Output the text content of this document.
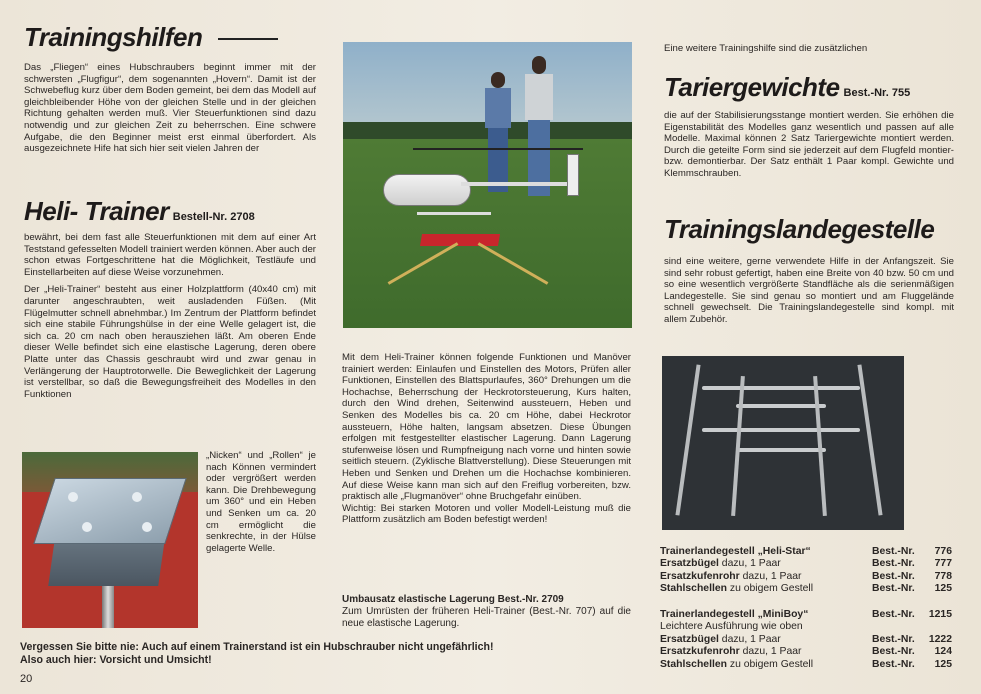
Trainingshilfen
Das „Fliegen“ eines Hubschraubers beginnt immer mit der schwersten „Flugfigur“, dem sogenannten „Hovern“. Damit ist der Schwebeflug kurz über dem Boden gemeint, bei dem das Modell auf gleichbleibender Höhe von der gleichen Stelle und in der gleichen Richtung gehalten werden muß. Vier Steuerfunktionen sind dazu notwendig und zur gleichen Zeit zu beherrschen. Eine schwere Aufgabe, die den Beginner meist erst einmal überfordert. Als ausgezeichnete Hife hat sich hier seit vielen Jahren der
Heli- Trainer Bestell-Nr. 2708

bewährt, bei dem fast alle Steuerfunktionen mit dem auf einer Art Teststand gefesselten Modell trainiert werden können. Aber auch der schon etwas Fortgeschrittene hat die Möglichkeit, Testläufe und Einstellarbeiten auf diese Weise vorzunehmen.

Der „Heli-Trainer“ besteht aus einer Holzplattform (40x40 cm) mit darunter angeschraubten, weit ausladenden Füßen. (Mit Flügelmutter schnell abnehmbar.) Im Zentrum der Plattform befindet sich eine stabile Führungshülse in der eine Welle gelagert ist, die sich ca. 20 cm nach oben herausziehen läßt. Am oberen Ende dieser Welle befindet sich eine elastische Lagerung, deren obere Platte unter das Chassis geschraubt wird und zwar genau in Verlängerung der Hauptrotorwelle. Die Beweglichkeit der Lagerung ist verstellbar, so daß die Bewegungsfreiheit des Modelles in den Funktionen

„Nicken“ und „Rollen“ je nach Können vermindert oder vergrößert werden kann. Die Drehbewegung um 360° und ein Heben und Senken um ca. 20 cm ermöglicht die senkrechte, in der Hülse gelagerte Welle.
Vergessen Sie bitte nie: Auch auf einem Trainerstand ist ein Hubschrauber nicht ungefährlich!
Also auch hier: Vorsicht und Umsicht!
20

Mit dem Heli-Trainer können folgende Funktionen und Manöver trainiert werden: Einlaufen und Einstellen des Motors, Prüfen aller Funktionen, Einstellen des Blattspurlaufes, 360° Drehungen um die Hochachse, Beherrschung der Heckrotorsteuerung, Kurs halten, durch den Wind drehen, Seitenwind aussteuern, Heben und Senken des Modelles bis ca. 20 cm Höhe, dabei Heckrotor aussteuern, Höhe halten, langsam absetzen. Diese Übungen erfolgen mit festgestellter elastischer Lagerung. Dann Lagerung stufenweise lösen und Rumpfneigung nach vorne und hinten sowie seitlich steuern. (Zyklische Blattverstellung). Diese Steuerungen mit Heben und Senken und Drehen um die Hochachse kombinieren. Auf diese Weise kann man sich auf den Freiflug vorbereiten, bzw. praktisch alle „Flugmanöver“ ohne Bruchgefahr einüben.

Wichtig: Bei starken Motoren und voller Modell-Leistung muß die Plattform zusätzlich am Boden befestigt werden!

Umbausatz elastische Lagerung Best.-Nr. 2709
Zum Umrüsten der früheren Heli-Trainer (Best.-Nr. 707) auf die neue elastische Lagerung.
Eine weitere Trainingshilfe sind die zusätzlichen
Tariergewichte Best.-Nr. 755
die auf der Stabilisierungsstange montiert werden. Sie erhöhen die Eigenstabilität des Modelles ganz wesentlich und passen auf alle Modelle. Maximal können 2 Satz Tariergewichte montiert werden. Durch die geteilte Form sind sie jederzeit auf dem Flugfeld montier- bzw. demontierbar. Der Satz enthält 1 Paar kompl. Gewichte und Klemmschrauben.
Trainingslandegestelle
sind eine weitere, gerne verwendete Hilfe in der Anfangszeit. Sie sind sehr robust gefertigt, haben eine Breite von 40 bzw. 50 cm und so eine wesentlich vergrößerte Standfläche als die serienmäßigen Landegestelle. Sie sind genau so montiert und am Fluggelände schnell gewechselt. Die Trainingslandegestelle sind kompl. mit allem Zubehör.
Trainerlandegestell „Heli-Star“	Best.-Nr. 776
Ersatzbügel dazu, 1 Paar	Best.-Nr. 777
Ersatzkufenrohr dazu, 1 Paar	Best.-Nr. 778
Stahlschellen zu obigem Gestell	Best.-Nr. 125
Trainerlandegestell „MiniBoy“	Best.-Nr. 1215
Leichtere Ausführung wie oben
Ersatzbügel dazu, 1 Paar	Best.-Nr. 1222
Ersatzkufenrohr dazu, 1 Paar	Best.-Nr. 124
Stahlschellen zu obigem Gestell	Best.-Nr. 125
